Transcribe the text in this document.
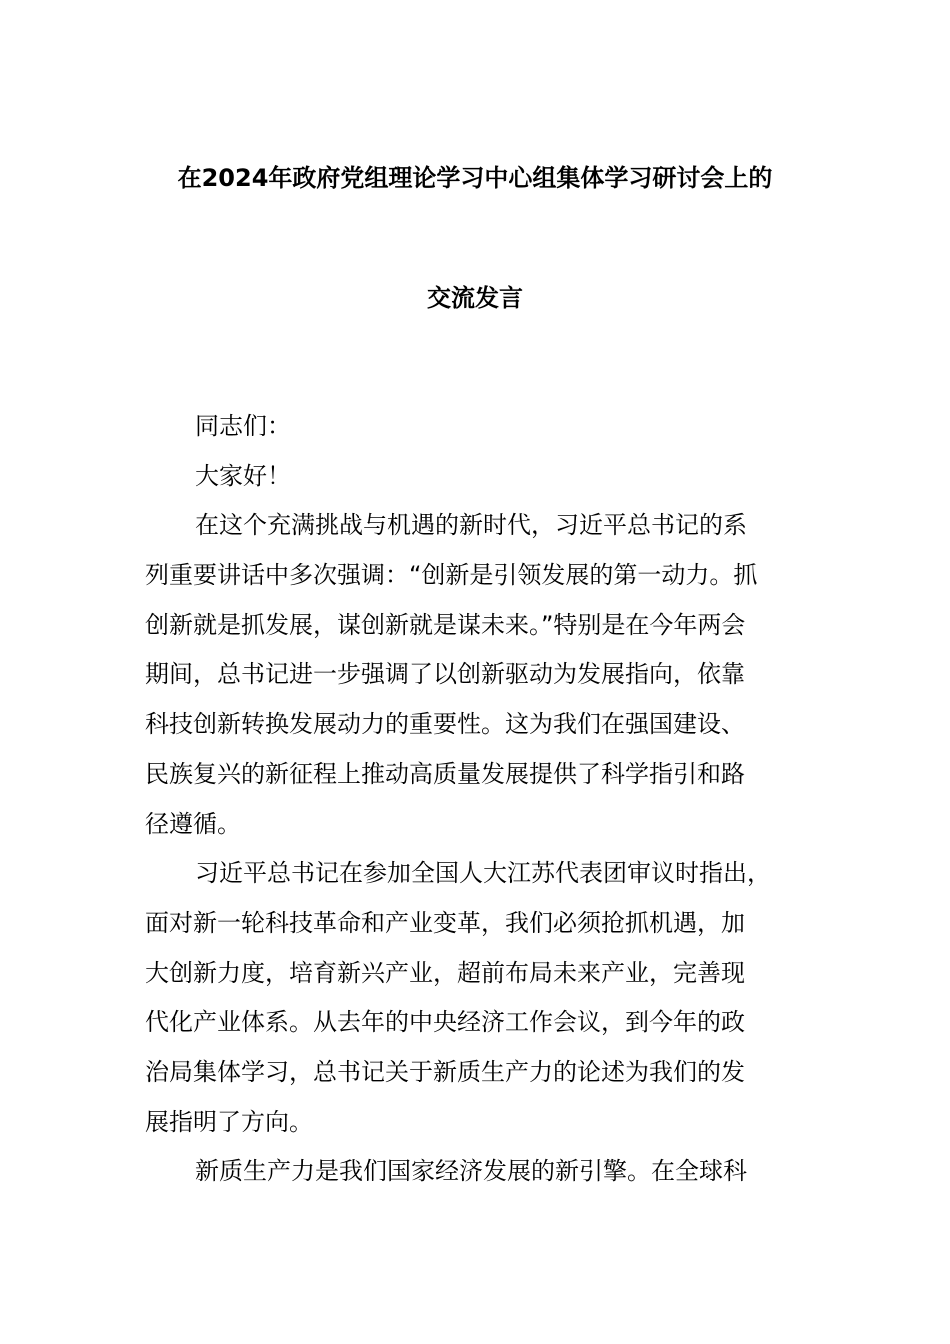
在2024年政府党组理论学习中心组集体学习研讨会上的
交流发言
同志们：
大家好！
在这个充满挑战与机遇的新时代，习近平总书记的系
列重要讲话中多次强调：“创新是引领发展的第一动力。抓
创新就是抓发展，谋创新就是谋未来。”特别是在今年两会
期间，总书记进一步强调了以创新驱动为发展指向，依靠
科技创新转换发展动力的重要性。这为我们在强国建设、
民族复兴的新征程上推动高质量发展提供了科学指引和路
径遵循。
习近平总书记在参加全国人大江苏代表团审议时指出，
面对新一轮科技革命和产业变革，我们必须抢抓机遇，加
大创新力度，培育新兴产业，超前布局未来产业，完善现
代化产业体系。从去年的中央经济工作会议，到今年的政
治局集体学习，总书记关于新质生产力的论述为我们的发
展指明了方向。
新质生产力是我们国家经济发展的新引擎。在全球科
